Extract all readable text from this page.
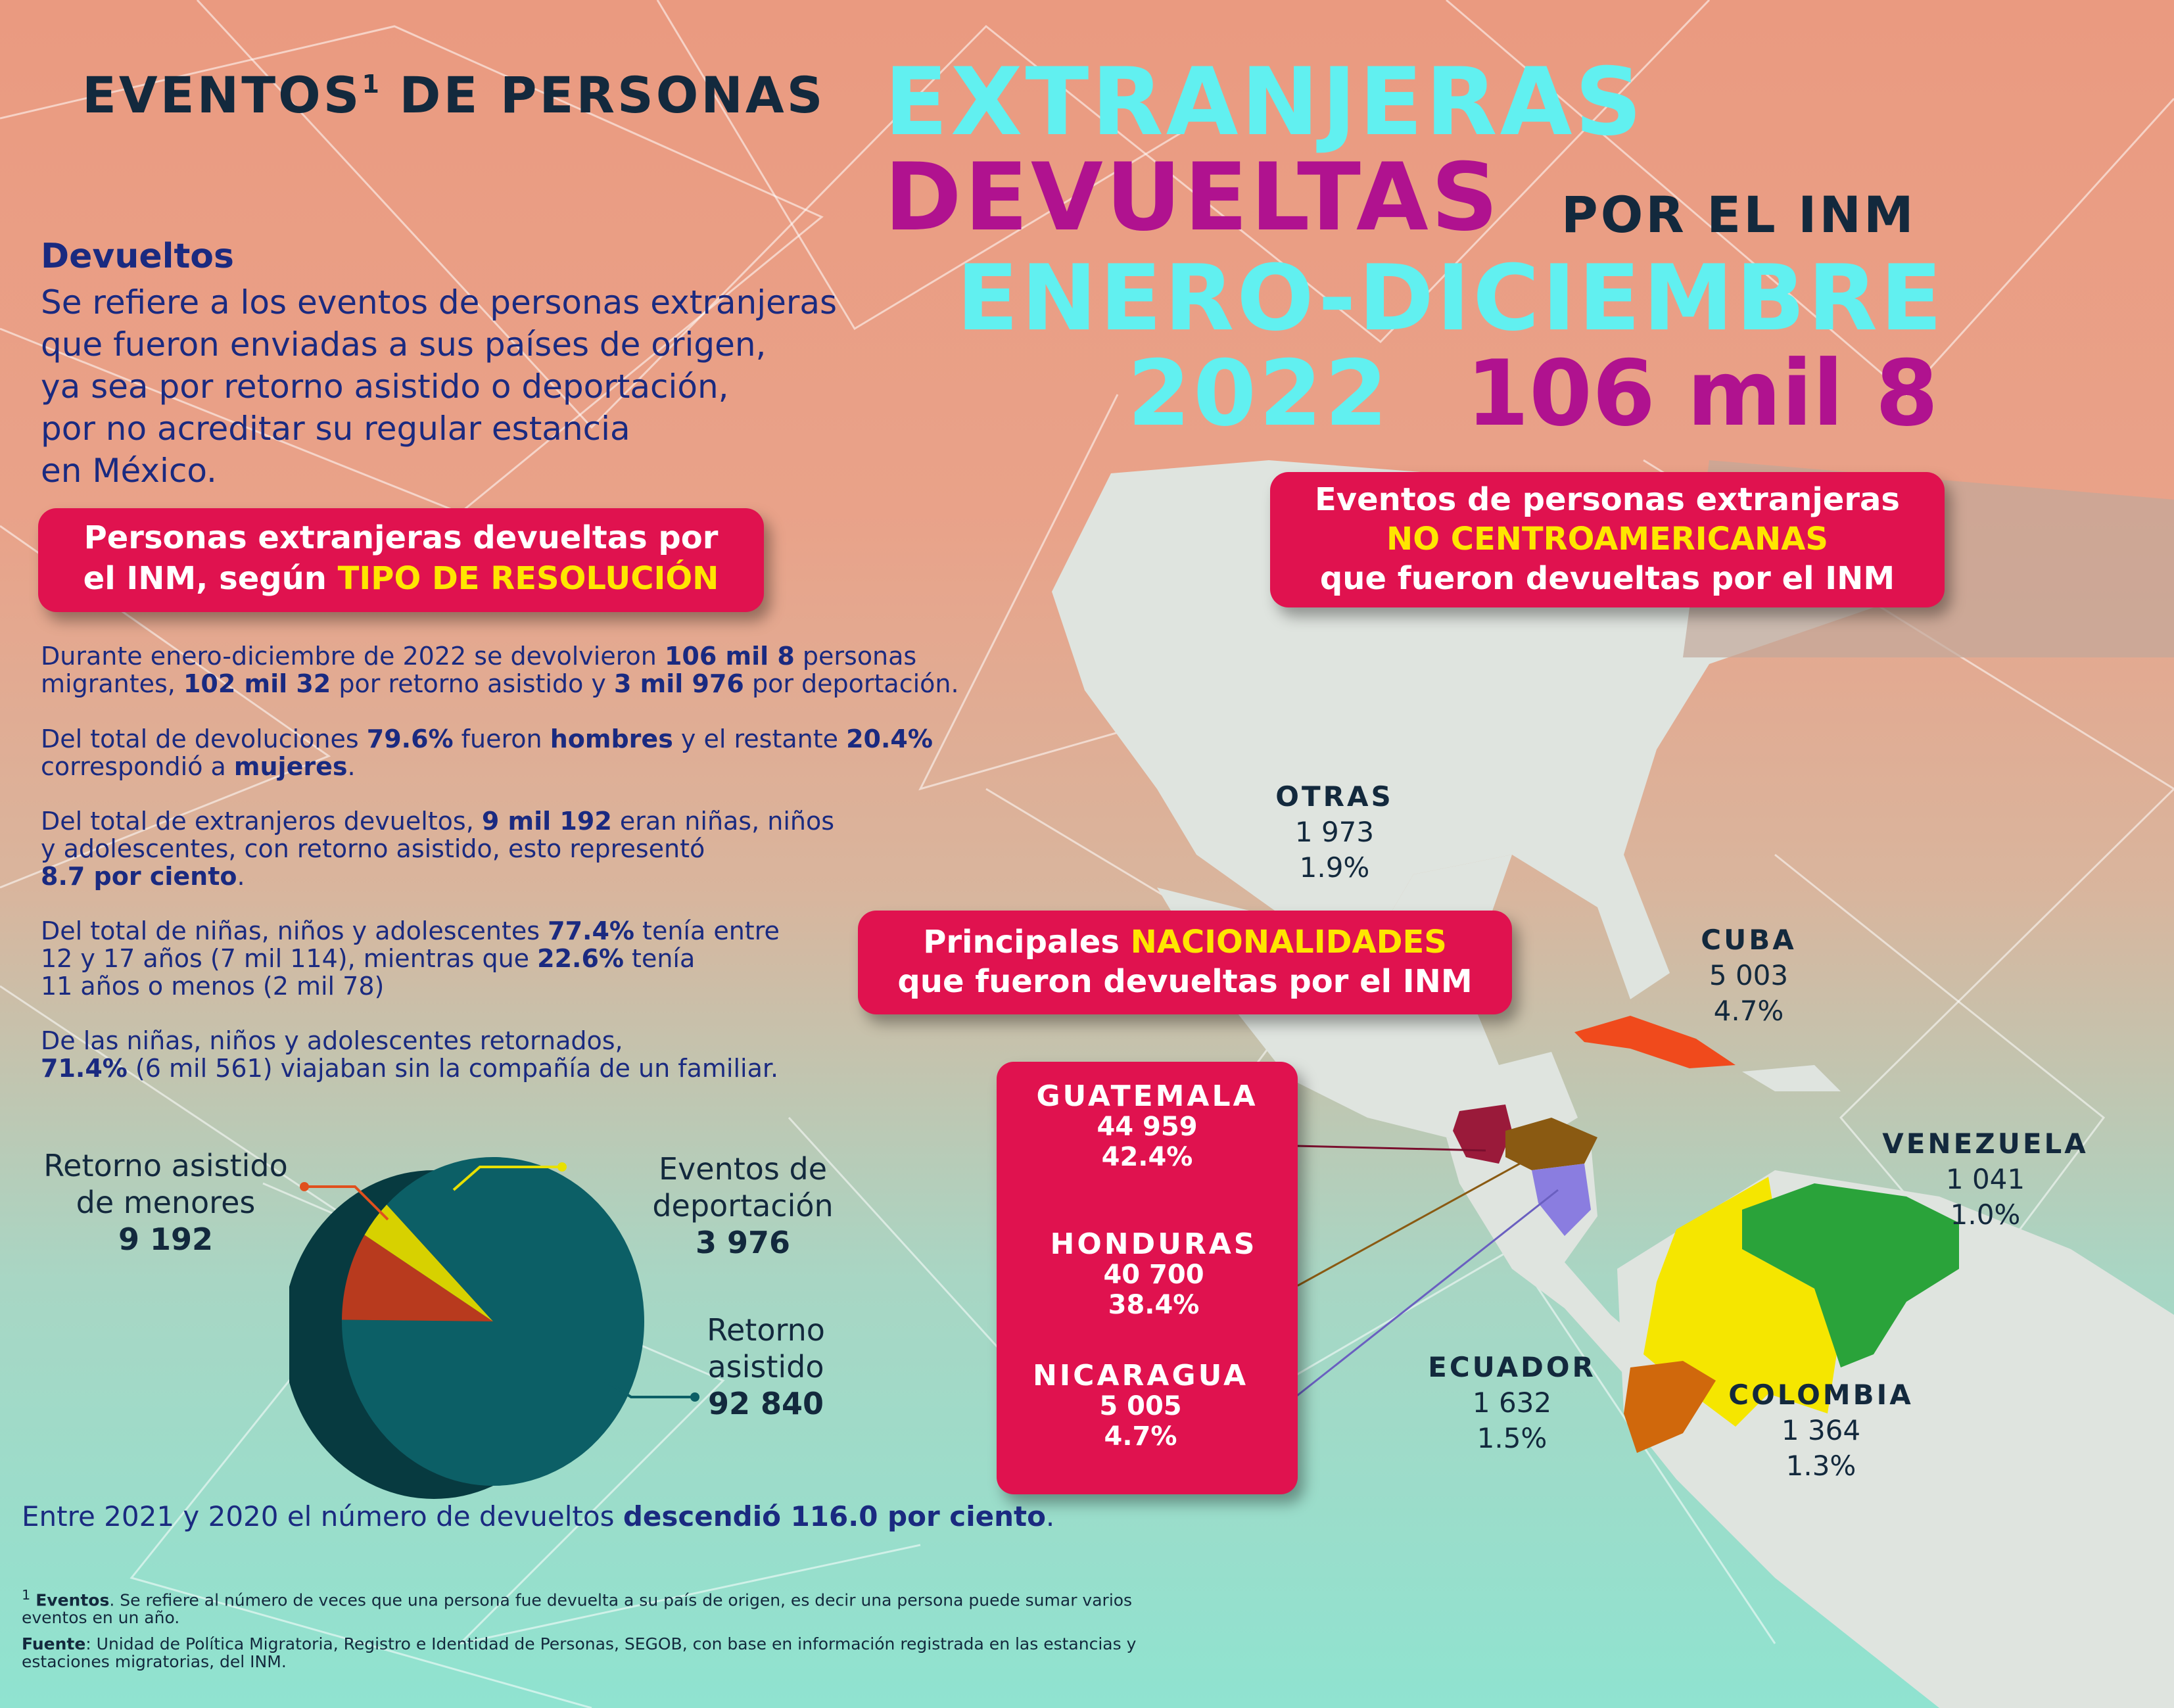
EVENTOS$^1$ DE PERSONAS EXTRANJERAS
DEVUELTAS POR EL INM
ENERO-DICIEMBRE
2022 106 mil 8
Devueltos
Se refiere a los eventos de personas extranjeras
que fueron enviadas a sus países de origen,
ya sea por retorno asistido o deportación,
por no acreditar su regular estancia
en México.
Personas extranjeras devueltas por
el INM, según TIPO DE RESOLUCIÓN
Durante enero-diciembre de 2022 se devolvieron 106 mil 8 personas
migrantes, 102 mil 32 por retorno asistido y 3 mil 976 por deportación.
Del total de devoluciones 79.6% fueron hombres y el restante 20.4%
correspondió a mujeres.
Del total de extranjeros devueltos, 9 mil 192 eran niñas, niños
y adolescentes, con retorno asistido, esto representó
8.7 por ciento.
Del total de niñas, niños y adolescentes 77.4% tenía entre
12 y 17 años (7 mil 114), mientras que 22.6% tenía
11 años o menos (2 mil 78)
De las niñas, niños y adolescentes retornados,
71.4% (6 mil 561) viajaban sin la compañía de un familiar.
Retorno asistido
de menores
9 192
Eventos de
deportación
3 976
Retorno
asistido
92 840
Eventos de personas extranjeras
NO CENTROAMERICANAS
que fueron devueltas por el INM
Principales NACIONALIDADES
que fueron devueltas por el INM
GUATEMALA
44 959
42.4%
HONDURAS
40 700
38.4%
NICARAGUA
5 005
4.7%
OTRAS
1 973
1.9%
CUBA
5 003
4.7%
VENEZUELA
1 041
1.0%
ECUADOR
1 632
1.5%
COLOMBIA
1 364
1.3%
Entre 2021 y 2020 el número de devueltos descendió 116.0 por ciento.
$^1$ Eventos. Se refiere al número de veces que una persona fue devuelta a su país de origen, es decir una persona puede sumar varios eventos en un año.
Fuente: Unidad de Política Migratoria, Registro e Identidad de Personas, SEGOB, con base en información registrada en las estancias y estaciones migratorias, del INM.
